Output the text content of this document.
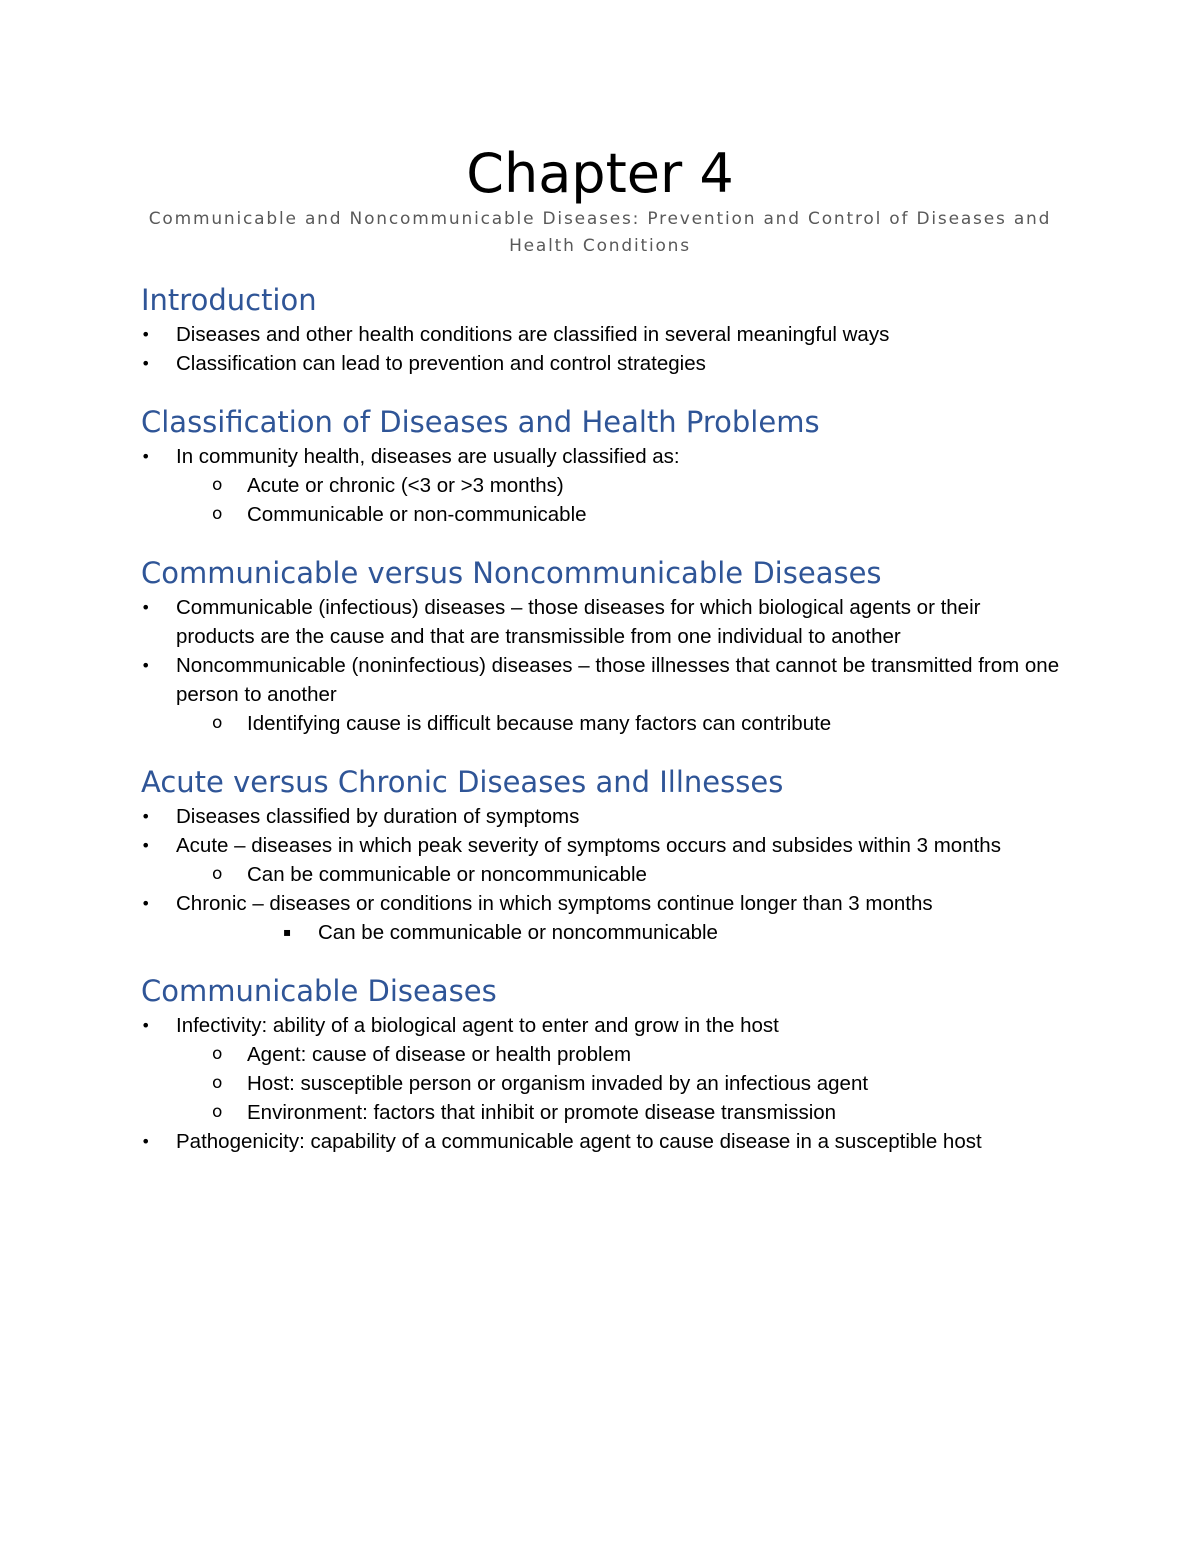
Chapter 4

Communicable and Noncommunicable Diseases: Prevention and Control of Diseases and Health Conditions

Introduction
• Diseases and other health conditions are classified in several meaningful ways
• Classification can lead to prevention and control strategies
Classification of Diseases and Health Problems
• In community health, diseases are usually classified as:
o Acute or chronic (<3 or >3 months)
o Communicable or non-communicable
Communicable versus Noncommunicable Diseases
• Communicable (infectious) diseases – those diseases for which biological agents or their products are the cause and that are transmissible from one individual to another
• Noncommunicable (noninfectious) diseases – those illnesses that cannot be transmitted from one person to another
o Identifying cause is difficult because many factors can contribute
Acute versus Chronic Diseases and Illnesses
• Diseases classified by duration of symptoms
• Acute – diseases in which peak severity of symptoms occurs and subsides within 3 months
o Can be communicable or noncommunicable
• Chronic – diseases or conditions in which symptoms continue longer than 3 months
▪ Can be communicable or noncommunicable
Communicable Diseases
• Infectivity: ability of a biological agent to enter and grow in the host
o Agent: cause of disease or health problem
o Host: susceptible person or organism invaded by an infectious agent
o Environment: factors that inhibit or promote disease transmission
• Pathogenicity: capability of a communicable agent to cause disease in a susceptible host
